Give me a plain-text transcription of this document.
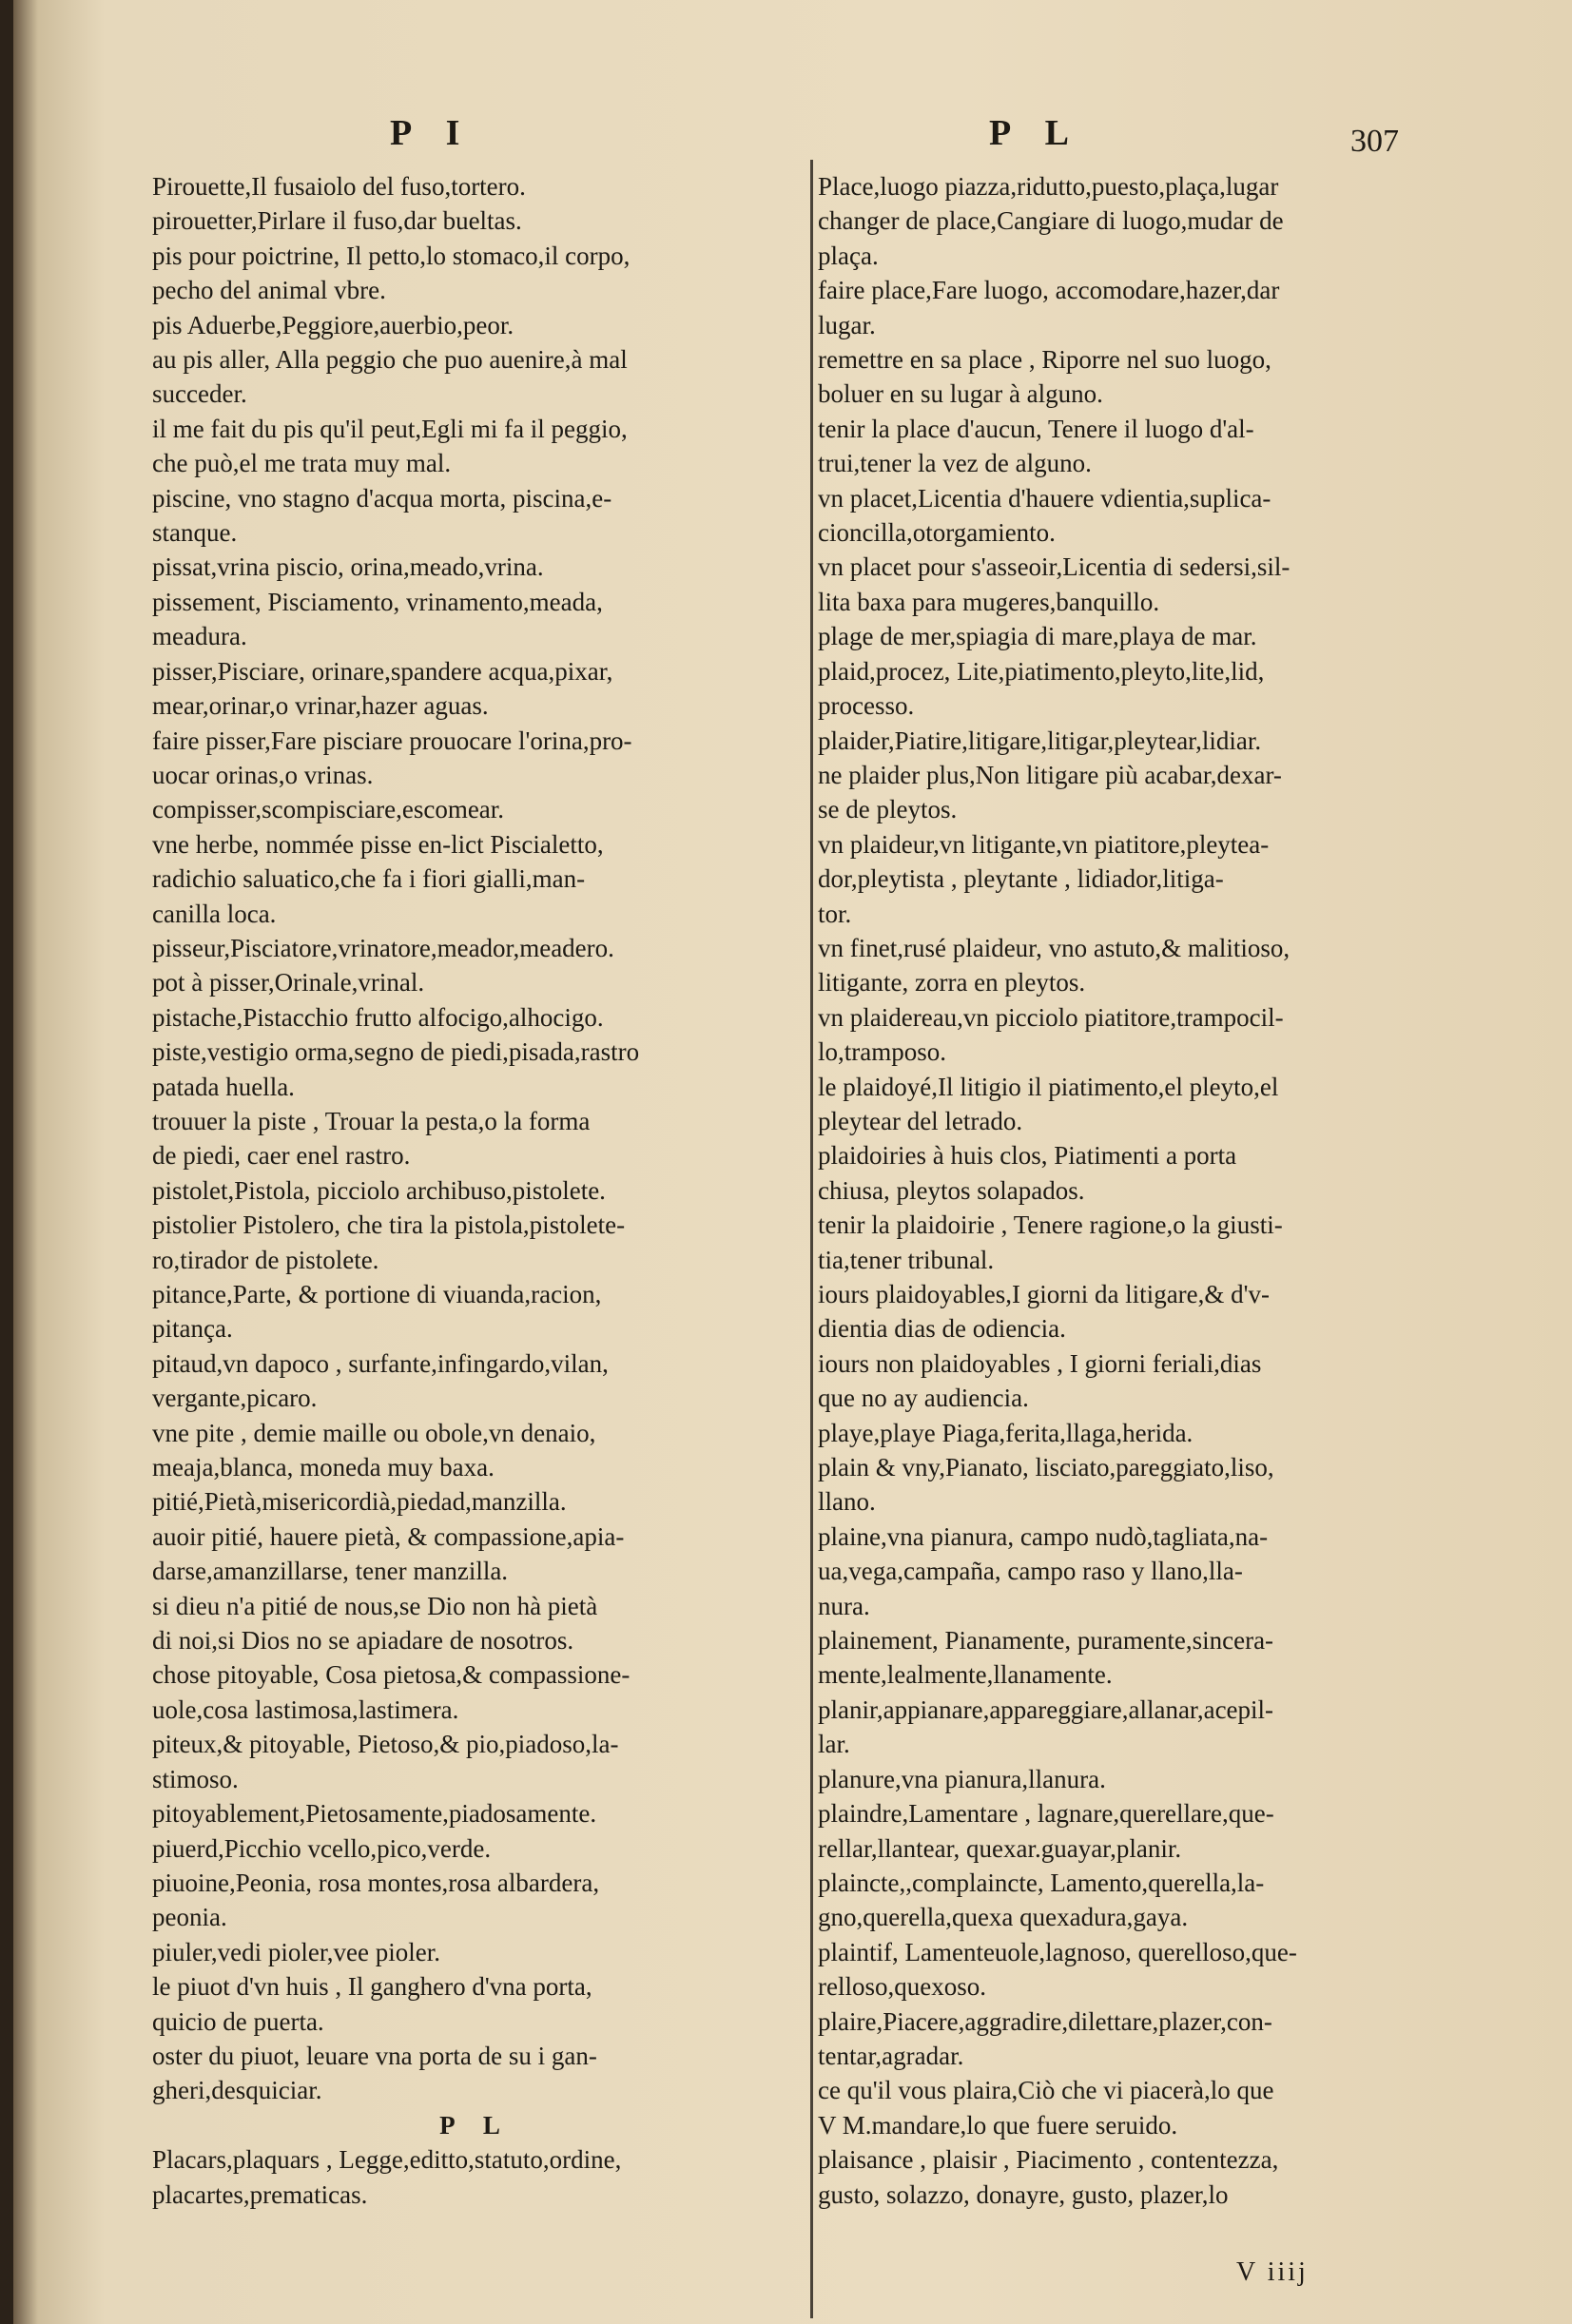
P I	P L	307

Pirouette,Il fusaiolo del fuso,tortero.

pirouetter,Pirlare il fuso,dar bueltas.

pis pour poictrine, Il petto,lo stomaco,il corpo,

pecho del animal vbre.

pis Aduerbe,Peggiore,auerbio,peor.

au pis aller, Alla peggio che puo auenire,à mal

succeder.

il me fait du pis qu'il peut,Egli mi fa il peggio,

che può,el me trata muy mal.

piscine, vno stagno d'acqua morta, piscina,e-

stanque.

pissat,vrina piscio, orina,meado,vrina.

pissement, Pisciamento, vrinamento,meada,

meadura.

pisser,Pisciare, orinare,spandere acqua,pixar,

mear,orinar,o vrinar,hazer aguas.

faire pisser,Fare pisciare prouocare l'orina,pro-

uocar orinas,o vrinas.

compisser,scompisciare,escomear.

vne herbe, nommée pisse en-lict Piscialetto,

radichio saluatico,che fa i fiori gialli,man-

canilla loca.

pisseur,Pisciatore,vrinatore,meador,meadero.

pot à pisser,Orinale,vrinal.

pistache,Pistacchio frutto alfocigo,alhocigo.

piste,vestigio orma,segno de piedi,pisada,rastro

patada huella.

trouuer la piste , Trouar la pesta,o la forma

de piedi, caer enel rastro.

pistolet,Pistola, picciolo archibuso,pistolete.

pistolier Pistolero, che tira la pistola,pistolete-

ro,tirador de pistolete.

pitance,Parte, & portione di viuanda,racion,

pitança.

pitaud,vn dapoco , surfante,infingardo,vilan,

vergante,picaro.

vne pite , demie maille ou obole,vn denaio,

meaja,blanca, moneda muy baxa.

pitié,Pietà,misericordià,piedad,manzilla.

auoir pitié, hauere pietà, & compassione,apia-

darse,amanzillarse, tener manzilla.

si dieu n'a pitié de nous,se Dio non hà pietà

di noi,si Dios no se apiadare de nosotros.

chose pitoyable, Cosa pietosa,& compassione-

uole,cosa lastimosa,lastimera.

piteux,& pitoyable, Pietoso,& pio,piadoso,la-

stimoso.

pitoyablement,Pietosamente,piadosamente.

piuerd,Picchio vcello,pico,verde.

piuoine,Peonia, rosa montes,rosa albardera,

peonia.

piuler,vedi pioler,vee pioler.

le piuot d'vn huis , Il ganghero d'vna porta,

quicio de puerta.

oster du piuot, leuare vna porta de su i gan-

gheri,desquiciar.

P L

Placars,plaquars , Legge,editto,statuto,ordine,

placartes,prematicas.

Place,luogo piazza,ridutto,puesto,plaça,lugar

changer de place,Cangiare di luogo,mudar de

plaça.

faire place,Fare luogo, accomodare,hazer,dar

lugar.

remettre en sa place , Riporre nel suo luogo,

boluer en su lugar à alguno.

tenir la place d'aucun, Tenere il luogo d'al-

trui,tener la vez de alguno.

vn placet,Licentia d'hauere vdientia,suplica-

cioncilla,otorgamiento.

vn placet pour s'asseoir,Licentia di sedersi,sil-

lita baxa para mugeres,banquillo.

plage de mer,spiagia di mare,playa de mar.

plaid,procez, Lite,piatimento,pleyto,lite,lid,

processo.

plaider,Piatire,litigare,litigar,pleytear,lidiar.

ne plaider plus,Non litigare più acabar,dexar-

se de pleytos.

vn plaideur,vn litigante,vn piatitore,pleytea-

dor,pleytista , pleytante , lidiador,litiga-

tor.

vn finet,rusé plaideur, vno astuto,& malitioso,

litigante, zorra en pleytos.

vn plaidereau,vn picciolo piatitore,trampocil-

lo,tramposo.

le plaidoyé,Il litigio il piatimento,el pleyto,el

pleytear del letrado.

plaidoiries à huis clos, Piatimenti a porta

chiusa, pleytos solapados.

tenir la plaidoirie , Tenere ragione,o la giusti-

tia,tener tribunal.

iours plaidoyables,I giorni da litigare,& d'v-

dientia dias de odiencia.

iours non plaidoyables , I giorni feriali,dias

que no ay audiencia.

playe,playe Piaga,ferita,llaga,herida.

plain & vny,Pianato, lisciato,pareggiato,liso,

llano.

plaine,vna pianura, campo nudò,tagliata,na-

ua,vega,campaña, campo raso y llano,lla-

nura.

plainement, Pianamente, puramente,sincera-

mente,lealmente,llanamente.

planir,appianare,appareggiare,allanar,acepil-

lar.

planure,vna pianura,llanura.

plaindre,Lamentare , lagnare,querellare,que-

rellar,llantear, quexar.guayar,planir.

plaincte,,complaincte, Lamento,querella,la-

gno,querella,quexa quexadura,gaya.

plaintif, Lamenteuole,lagnoso, querelloso,que-

relloso,quexoso.

plaire,Piacere,aggradire,dilettare,plazer,con-

tentar,agradar.

ce qu'il vous plaira,Ciò che vi piacerà,lo que

V M.mandare,lo que fuere seruido.

plaisance , plaisir , Piacimento , contentezza,

gusto, solazzo, donayre, gusto, plazer,lo

V iiij
